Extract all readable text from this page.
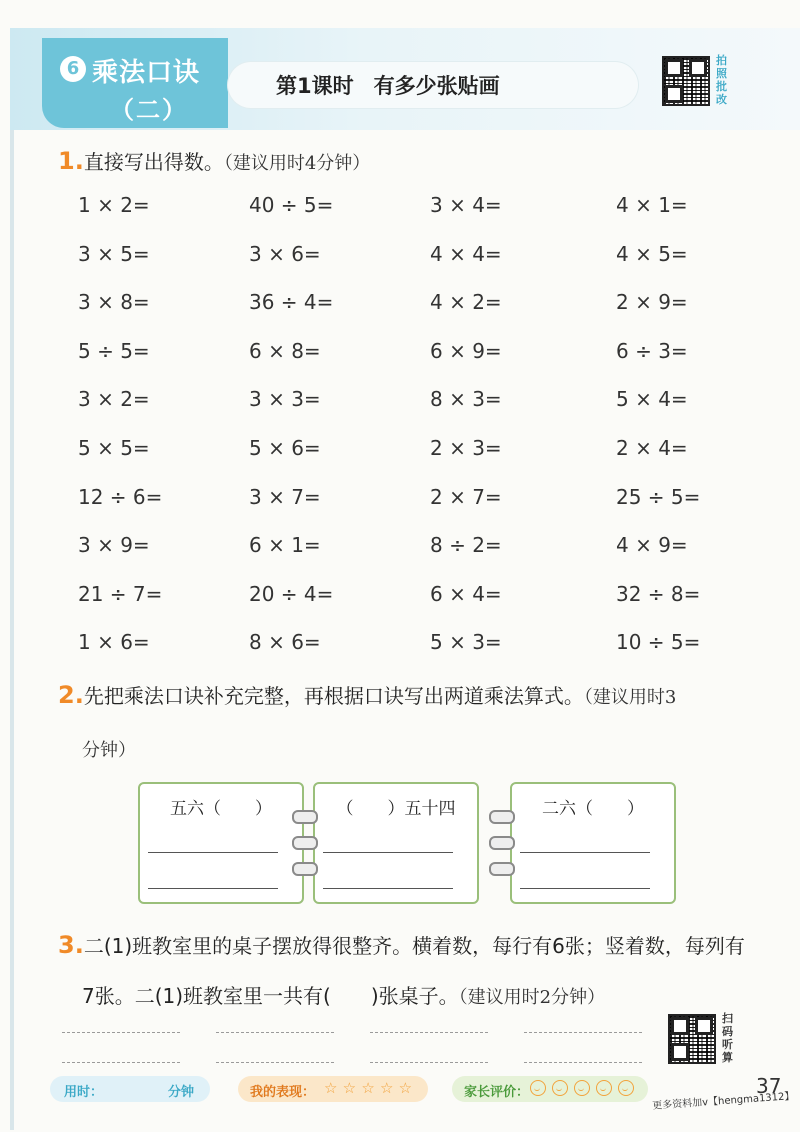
6 乘法口诀
（二）
第1课时 有多少张贴画
拍照批改
1.直接写出得数。（建议用时4分钟）
1 × 2=	40 ÷ 5=	3 × 4=	4 × 1=
3 × 5=	3 × 6=	4 × 4=	4 × 5=
3 × 8=	36 ÷ 4=	4 × 2=	2 × 9=
5 ÷ 5=	6 × 8=	6 × 9=	6 ÷ 3=
3 × 2=	3 × 3=	8 × 3=	5 × 4=
5 × 5=	5 × 6=	2 × 3=	2 × 4=
12 ÷ 6=	3 × 7=	2 × 7=	25 ÷ 5=
3 × 9=	6 × 1=	8 ÷ 2=	4 × 9=
21 ÷ 7=	20 ÷ 4=	6 × 4=	32 ÷ 8=
1 × 6=	8 × 6=	5 × 3=	10 ÷ 5=
2.先把乘法口诀补充完整，再根据口诀写出两道乘法算式。（建议用时3
分钟）
五六（　　）	（　　）五十四	二六（　　）
3.二(1)班教室里的桌子摆放得很整齐。横着数，每行有6张；竖着数，每列有
7张。二(1)班教室里一共有(　　)张桌子。（建议用时2分钟）
扫码听算
用时：	分钟	我的表现： ☆ ☆ ☆ ☆ ☆	家长评价：	更多资料加v【hengma1312】
37
